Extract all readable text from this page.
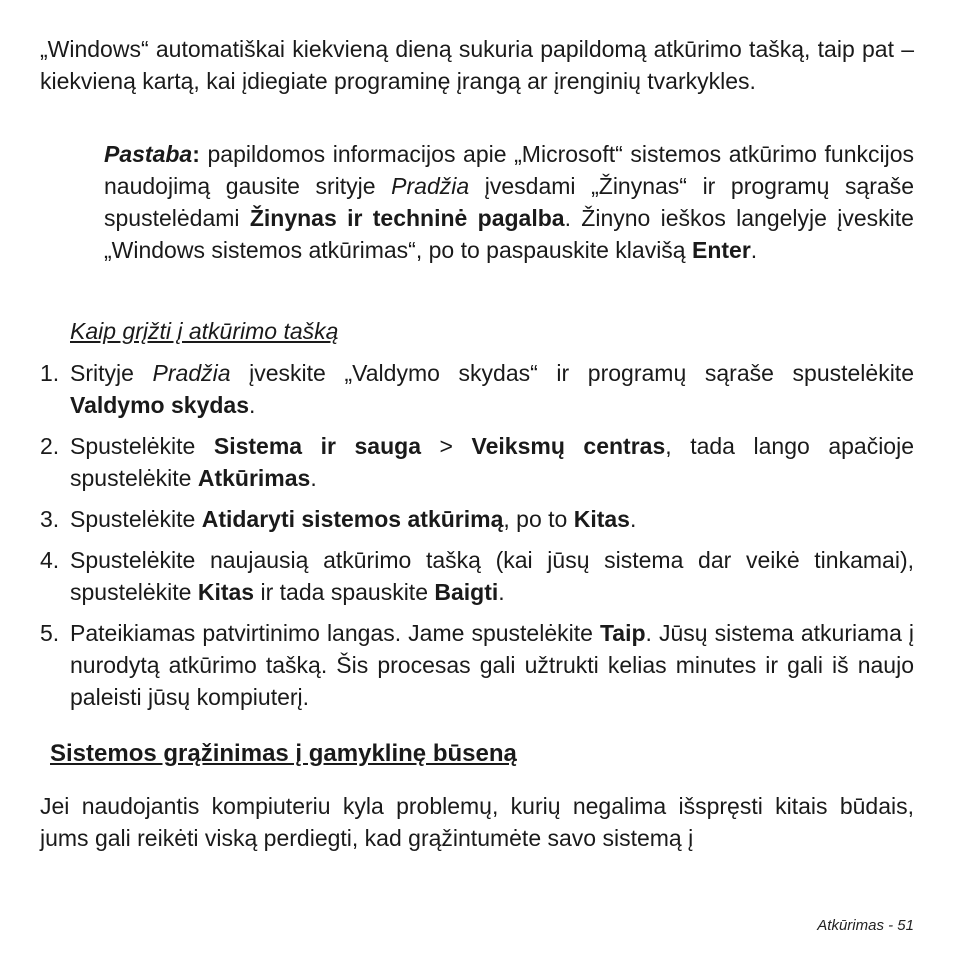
„Windows“ automatiškai kiekvieną dieną sukuria papildomą atkūrimo tašką, taip pat – kiekvieną kartą, kai įdiegiate programinę įrangą ar įrenginių tvarkykles.

Pastaba: papildomos informacijos apie „Microsoft“ sistemos atkūrimo funkcijos naudojimą gausite srityje Pradžia įvesdami „Žinynas“ ir programų sąraše spustelėdami Žinynas ir techninė pagalba. Žinyno ieškos langelyje įveskite „Windows sistemos atkūrimas“, po to paspauskite klavišą Enter.

Kaip grįžti į atkūrimo tašką

1. Srityje Pradžia įveskite „Valdymo skydas“ ir programų sąraše spustelėkite Valdymo skydas.

2. Spustelėkite Sistema ir sauga > Veiksmų centras, tada lango apačioje spustelėkite Atkūrimas.

3. Spustelėkite Atidaryti sistemos atkūrimą, po to Kitas.

4. Spustelėkite naujausią atkūrimo tašką (kai jūsų sistema dar veikė tinkamai), spustelėkite Kitas ir tada spauskite Baigti.

5. Pateikiamas patvirtinimo langas. Jame spustelėkite Taip. Jūsų sistema atkuriama į nurodytą atkūrimo tašką. Šis procesas gali užtrukti kelias minutes ir gali iš naujo paleisti jūsų kompiuterį.

Sistemos grąžinimas į gamyklinę būseną

Jei naudojantis kompiuteriu kyla problemų, kurių negalima išspręsti kitais būdais, jums gali reikėti viską perdiegti, kad grąžintumėte savo sistemą į

Atkūrimas - 51
